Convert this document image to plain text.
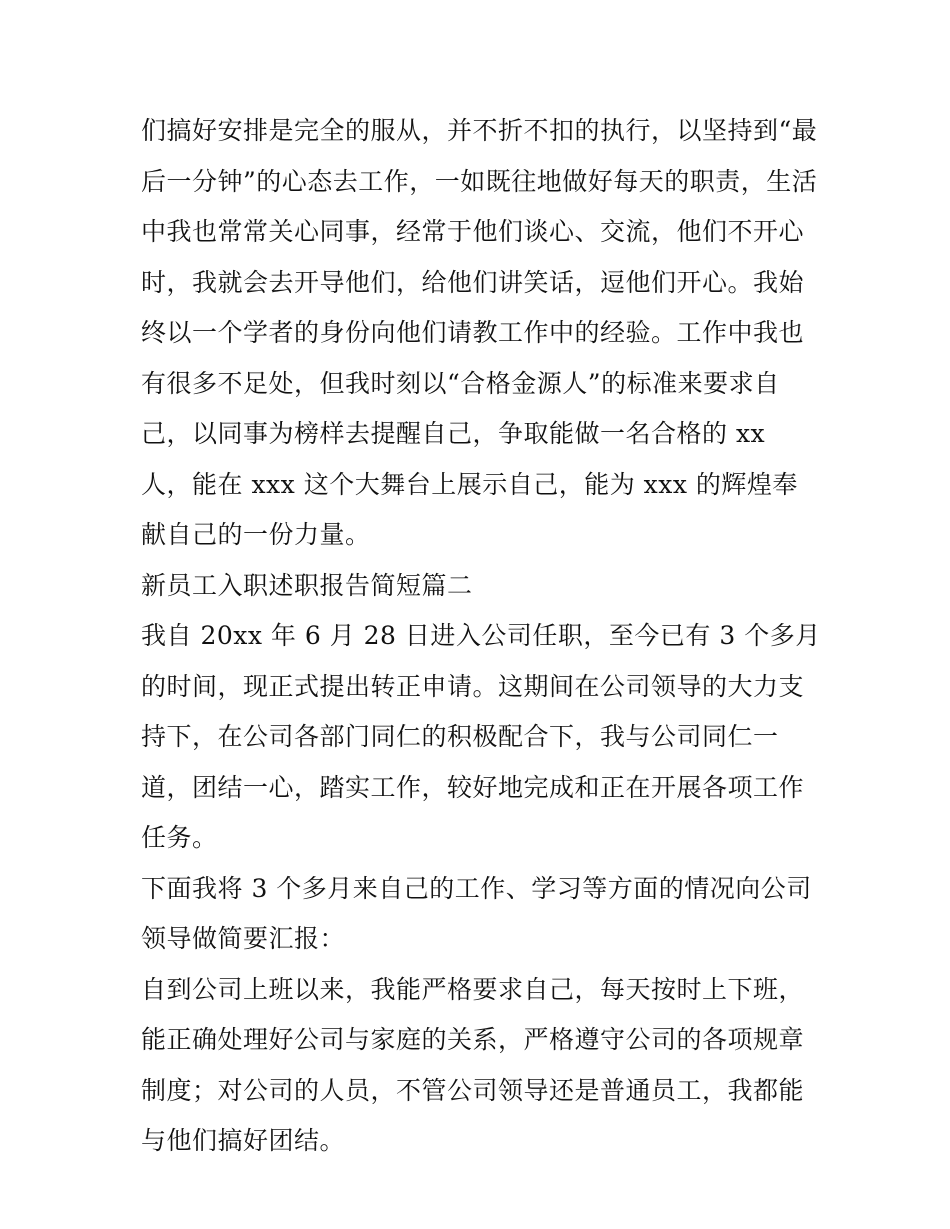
们搞好安排是完全的服从，并不折不扣的执行，以坚持到“最后一分钟”的心态去工作，一如既往地做好每天的职责，生活中我也常常关心同事，经常于他们谈心、交流，他们不开心时，我就会去开导他们，给他们讲笑话，逗他们开心。我始终以一个学者的身份向他们请教工作中的经验。工作中我也有很多不足处，但我时刻以“合格金源人”的标准来要求自己，以同事为榜样去提醒自己，争取能做一名合格的 xx 人，能在 xxx 这个大舞台上展示自己，能为 xxx 的辉煌奉献自己的一份力量。

新员工入职述职报告简短篇二

我自 20xx 年 6 月 28 日进入公司任职，至今已有 3 个多月的时间，现正式提出转正申请。这期间在公司领导的大力支持下，在公司各部门同仁的积极配合下，我与公司同仁一道，团结一心，踏实工作，较好地完成和正在开展各项工作任务。

下面我将 3 个多月来自己的工作、学习等方面的情况向公司领导做简要汇报：

自到公司上班以来，我能严格要求自己，每天按时上下班，能正确处理好公司与家庭的关系，严格遵守公司的各项规章制度；对公司的人员，不管公司领导还是普通员工，我都能与他们搞好团结。
